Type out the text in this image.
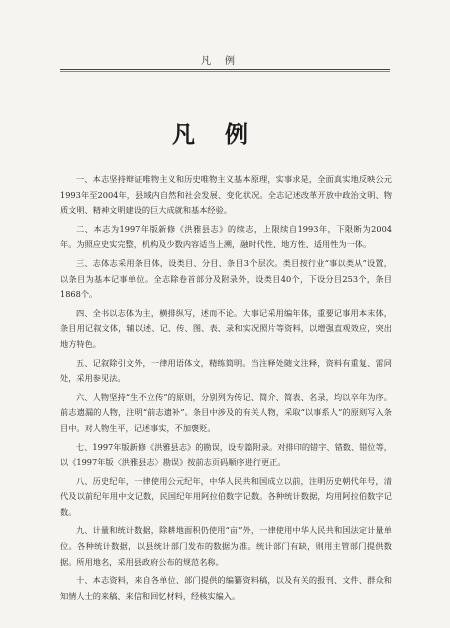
凡例
凡例

一、本志坚持辩证唯物主义和历史唯物主义基本原理，实事求是，全面真实地反映公元1993年至2004年，县域内自然和社会发展、变化状况。全志记述改革开放中政治文明、物质文明、精神文明建设的巨大成就和基本经验。

二、本志为1997年版新修《洪雅县志》的续志，上限续自1993年，下限断为2004年。为照应史实完整，机构及少数内容适当上溯，融时代性、地方性、适用性为一体。

三、志体志采用条目体，设类目、分目、条目3个层次。类目按行业“事以类从”设置，以条目为基本记事单位。全志除卷首部分及附录外，设类目40个，下设分目253个，条目1868个。

四、全书以志体为主，横排纵写，述而不论。大事记采用编年体，重要记事用本末体，条目用记叙文体，辅以述、记、传、图、表、录和实况照片等资料，以增强直观效应，突出地方特色。

五、记叙除引文外，一律用语体文，精练简明。当注释处随文注释，资料有重复、雷同处，采用参见法。

六、人物坚持“生不立传”的原则，分别列为传记、简介、简表、名录，均以卒年为序。前志遗漏的人物，注明“前志遗补”。条目中涉及的有关人物，采取“以事系人”的原则写入条目中。对人物生平，记述事实，不加褒贬。

七、1997年版新修《洪雅县志》的勘误，设专篇附录。对排印的错字、错数、错位等，以《1997年版〈洪雅县志〉勘误》按前志页码顺序进行更正。

八、历史纪年，一律使用公元纪年，中华人民共和国成立以前，注明历史朝代年号，清代及以前纪年用中文记数，民国纪年用阿拉伯数字记数。各种统计数据，均用阿拉伯数字记数。

九、计量和统计数据，除耕地面积仍使用“亩”外，一律使用中华人民共和国法定计量单位。各种统计数据，以县统计部门发布的数据为准。统计部门有缺，则用主管部门提供数据。所用地名，采用县政府公布的规范名称。

十、本志资料，来自各单位、部门提供的编纂资料稿，以及有关的报刊、文件、群众和知情人士的来稿、来信和回忆材料，经核实编入。
